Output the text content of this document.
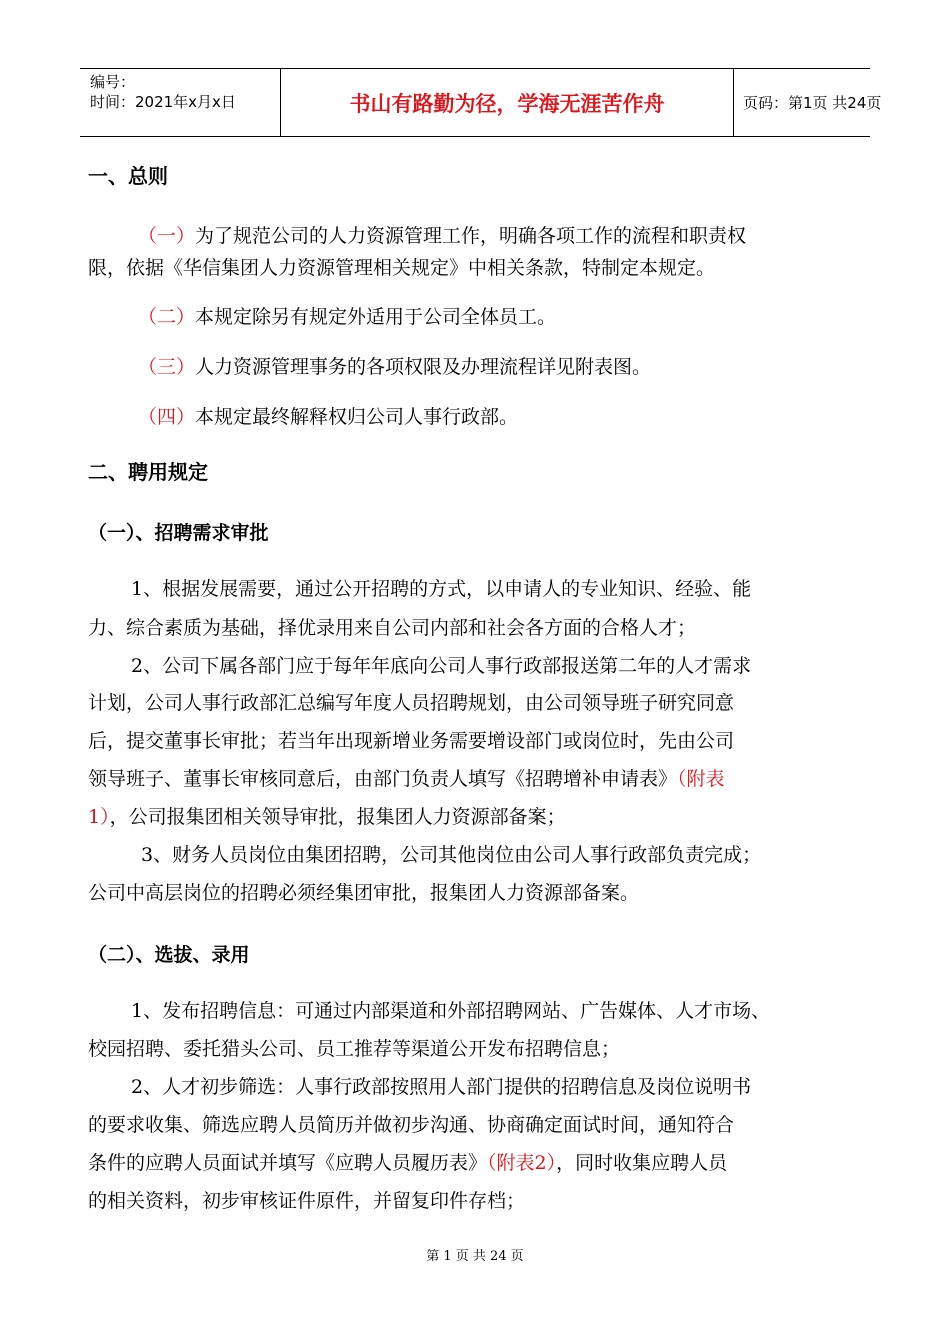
编号：
时间：2021年x月x日	书山有路勤为径，学海无涯苦作舟	页码：第1页 共24页
一、总则
（一）为了规范公司的人力资源管理工作，明确各项工作的流程和职责权
限，依据《华信集团人力资源管理相关规定》中相关条款，特制定本规定。
（二）本规定除另有规定外适用于公司全体员工。
（三）人力资源管理事务的各项权限及办理流程详见附表图。
（四）本规定最终解释权归公司人事行政部。
二、聘用规定
（一）、招聘需求审批
1、根据发展需要，通过公开招聘的方式，以申请人的专业知识、经验、能
力、综合素质为基础，择优录用来自公司内部和社会各方面的合格人才；
2、公司下属各部门应于每年年底向公司人事行政部报送第二年的人才需求
计划，公司人事行政部汇总编写年度人员招聘规划，由公司领导班子研究同意
后，提交董事长审批；若当年出现新增业务需要增设部门或岗位时，先由公司
领导班子、董事长审核同意后，由部门负责人填写《招聘增补申请表》（附表
1），公司报集团相关领导审批，报集团人力资源部备案；
3、财务人员岗位由集团招聘，公司其他岗位由公司人事行政部负责完成；
公司中高层岗位的招聘必须经集团审批，报集团人力资源部备案。
（二）、选拔、录用
1、发布招聘信息：可通过内部渠道和外部招聘网站、广告媒体、人才市场、
校园招聘、委托猎头公司、员工推荐等渠道公开发布招聘信息；
2、人才初步筛选：人事行政部按照用人部门提供的招聘信息及岗位说明书
的要求收集、筛选应聘人员简历并做初步沟通、协商确定面试时间，通知符合
条件的应聘人员面试并填写《应聘人员履历表》（附表2），同时收集应聘人员
的相关资料，初步审核证件原件，并留复印件存档；
第 1 页 共 24 页
